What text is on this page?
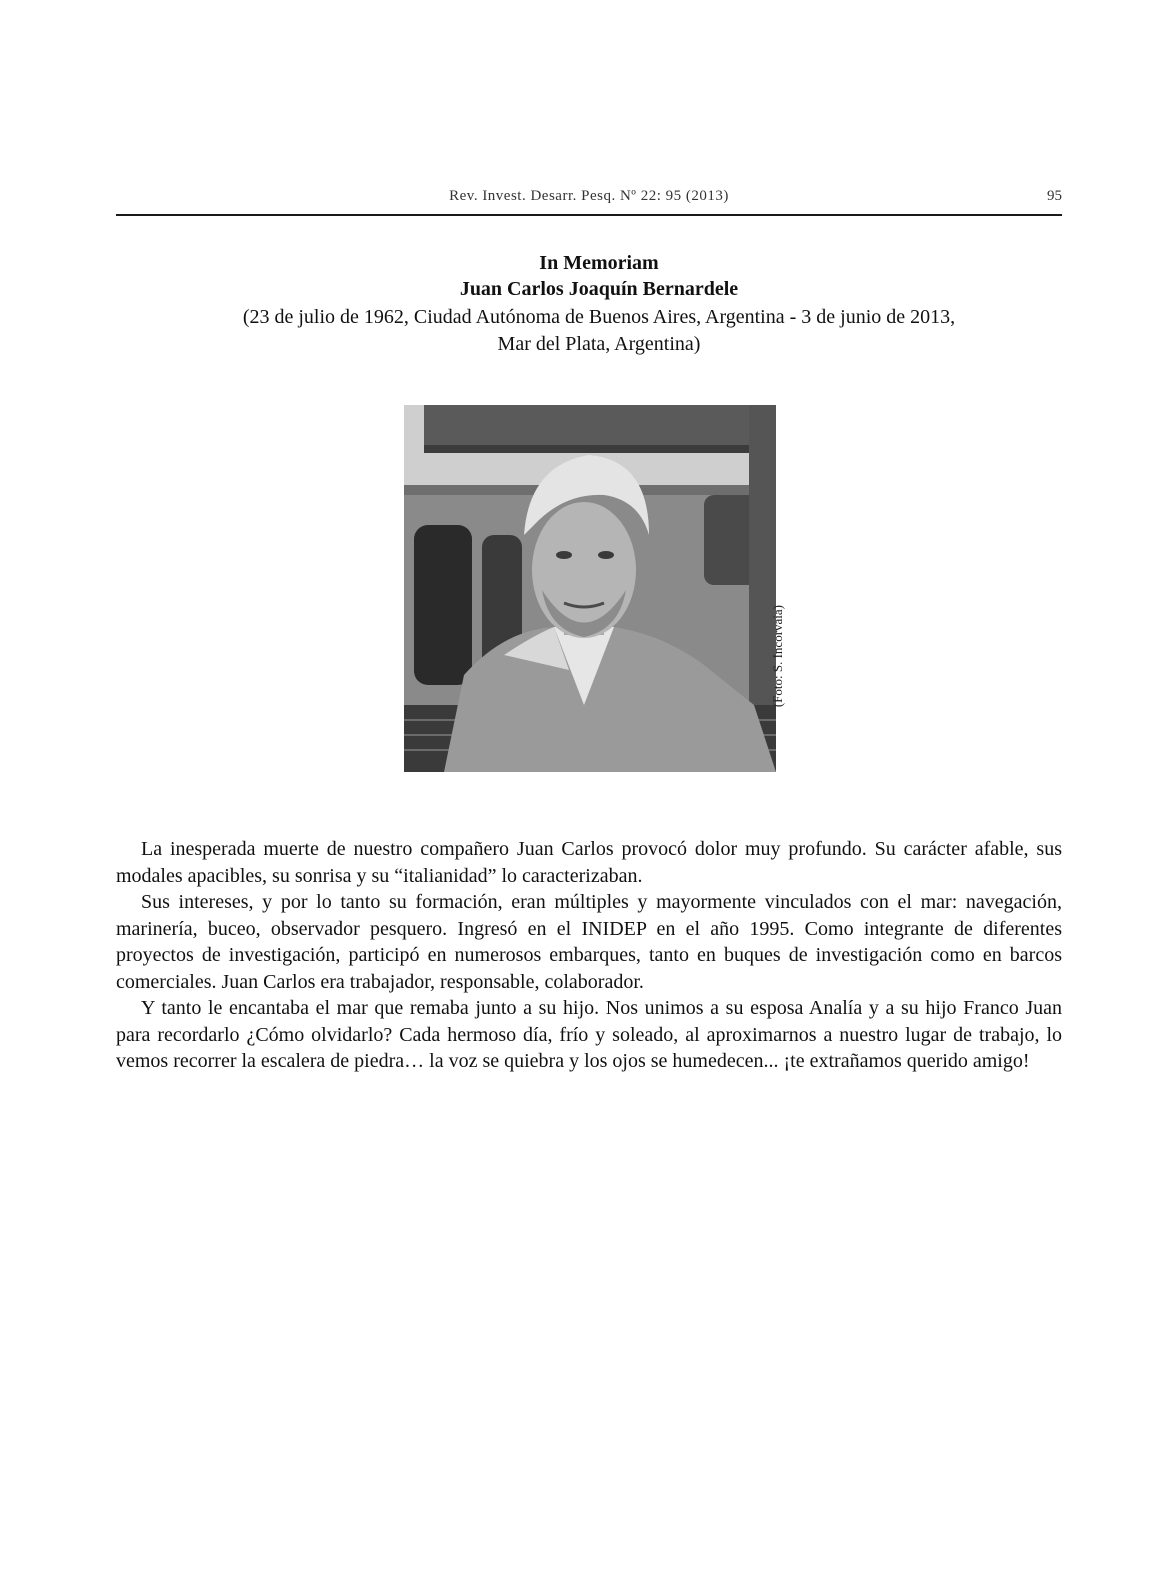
Rev. Invest. Desarr. Pesq. Nº 22: 95 (2013)	95
In Memoriam
Juan Carlos Joaquín Bernardele
(23 de julio de 1962, Ciudad Autónoma de Buenos Aires, Argentina - 3 de junio de 2013,
Mar del Plata, Argentina)
(Foto: S. Incorvaia)

La inesperada muerte de nuestro compañero Juan Carlos provocó dolor muy profundo. Su carácter afable, sus modales apacibles, su sonrisa y su “italianidad” lo caracterizaban.

Sus intereses, y por lo tanto su formación, eran múltiples y mayormente vinculados con el mar: navegación, marinería, buceo, observador pesquero. Ingresó en el INIDEP en el año 1995. Como integrante de diferentes proyectos de investigación, participó en numerosos embarques, tanto en buques de investigación como en barcos comerciales. Juan Carlos era trabajador, responsable, colaborador.

Y tanto le encantaba el mar que remaba junto a su hijo. Nos unimos a su esposa Analía y a su hijo Franco Juan para recordarlo ¿Cómo olvidarlo? Cada hermoso día, frío y soleado, al aproximarnos a nuestro lugar de trabajo, lo vemos recorrer la escalera de piedra… la voz se quiebra y los ojos se humedecen... ¡te extrañamos querido amigo!
